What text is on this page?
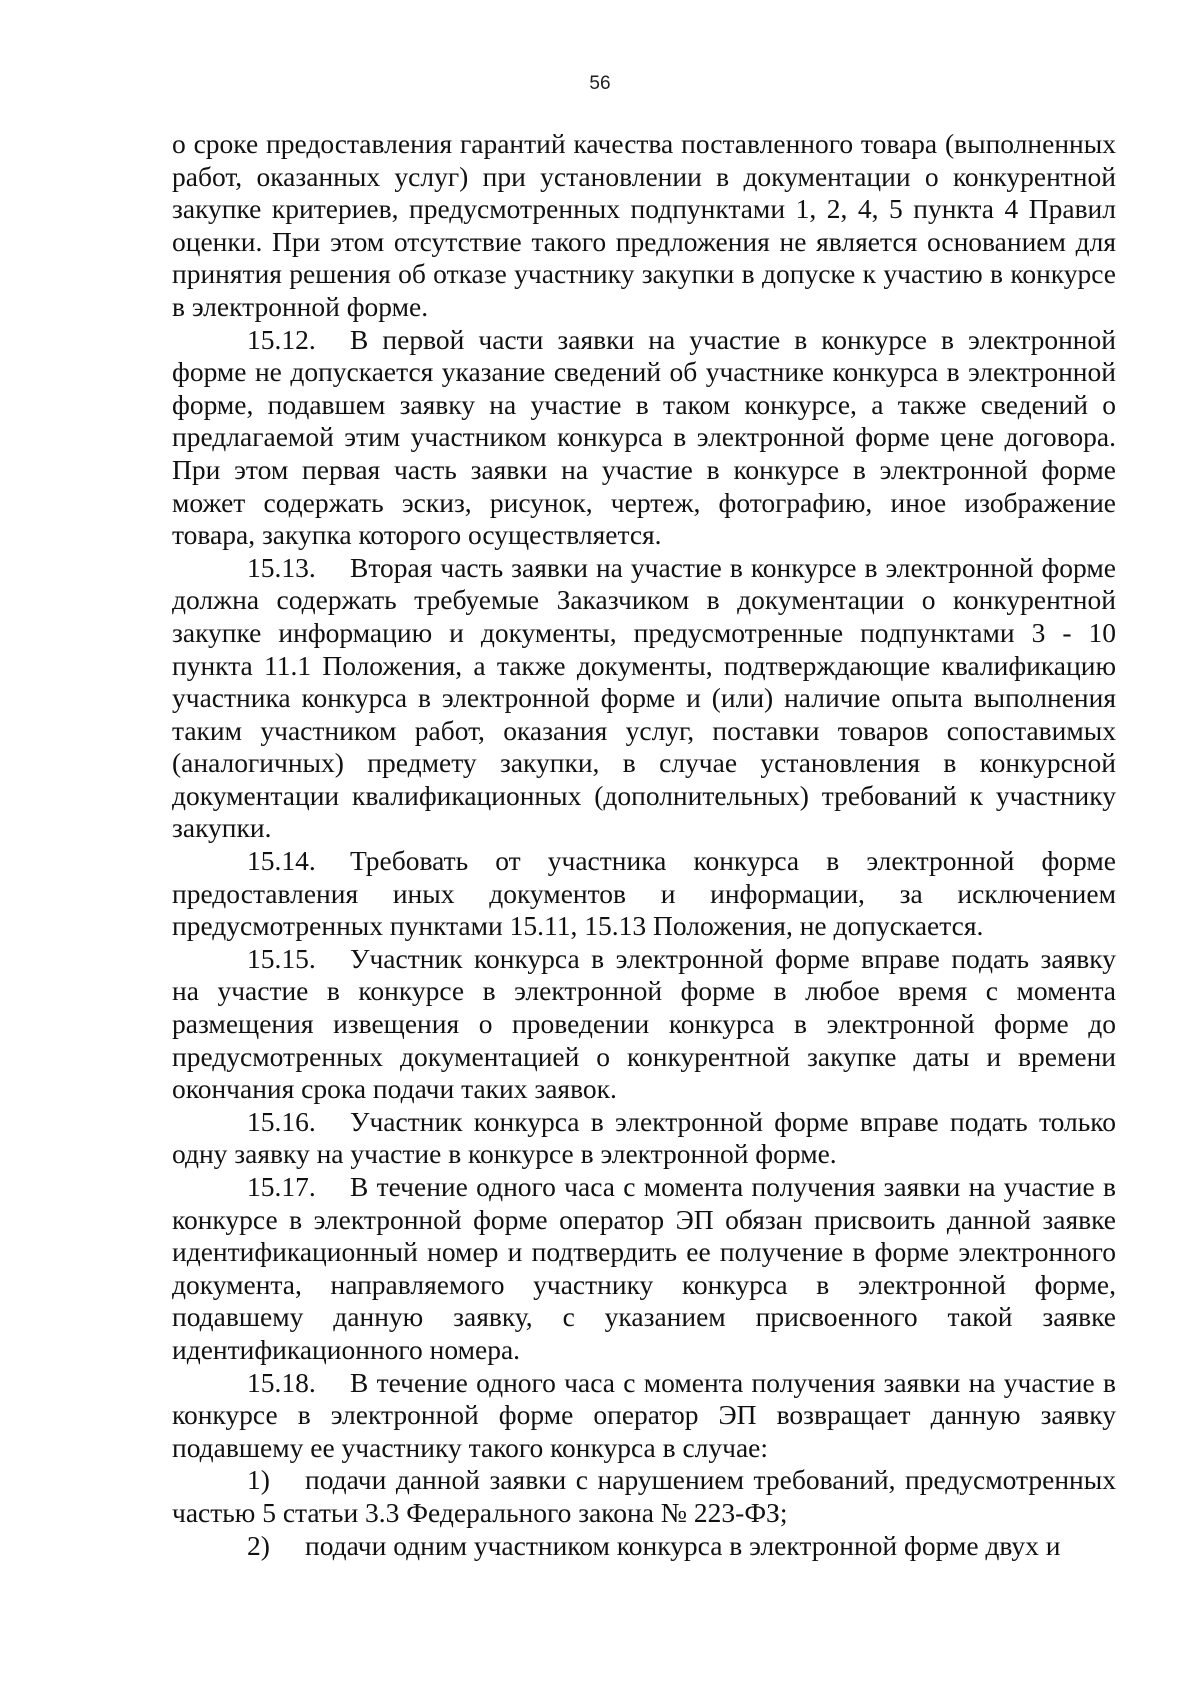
56

о сроке предоставления гарантий качества поставленного товара (выполненных работ, оказанных услуг) при установлении в документации о конкурентной закупке критериев, предусмотренных подпунктами 1, 2, 4, 5 пункта 4 Правил оценки. При этом отсутствие такого предложения не является основанием для принятия решения об отказе участнику закупки в допуске к участию в конкурсе в электронной форме.

15.12. В первой части заявки на участие в конкурсе в электронной форме не допускается указание сведений об участнике конкурса в электронной форме, подавшем заявку на участие в таком конкурсе, а также сведений о предлагаемой этим участником конкурса в электронной форме цене договора. При этом первая часть заявки на участие в конкурсе в электронной форме может содержать эскиз, рисунок, чертеж, фотографию, иное изображение товара, закупка которого осуществляется.

15.13. Вторая часть заявки на участие в конкурсе в электронной форме должна содержать требуемые Заказчиком в документации о конкурентной закупке информацию и документы, предусмотренные подпунктами 3 - 10 пункта 11.1 Положения, а также документы, подтверждающие квалификацию участника конкурса в электронной форме и (или) наличие опыта выполнения таким участником работ, оказания услуг, поставки товаров сопоставимых (аналогичных) предмету закупки, в случае установления в конкурсной документации квалификационных (дополнительных) требований к участнику закупки.

15.14. Требовать от участника конкурса в электронной форме предоставления иных документов и информации, за исключением предусмотренных пунктами 15.11, 15.13 Положения, не допускается.

15.15. Участник конкурса в электронной форме вправе подать заявку на участие в конкурсе в электронной форме в любое время с момента размещения извещения о проведении конкурса в электронной форме до предусмотренных документацией о конкурентной закупке даты и времени окончания срока подачи таких заявок.

15.16. Участник конкурса в электронной форме вправе подать только одну заявку на участие в конкурсе в электронной форме.

15.17. В течение одного часа с момента получения заявки на участие в конкурсе в электронной форме оператор ЭП обязан присвоить данной заявке идентификационный номер и подтвердить ее получение в форме электронного документа, направляемого участнику конкурса в электронной форме, подавшему данную заявку, с указанием присвоенного такой заявке идентификационного номера.

15.18. В течение одного часа с момента получения заявки на участие в конкурсе в электронной форме оператор ЭП возвращает данную заявку подавшему ее участнику такого конкурса в случае:

1) подачи данной заявки с нарушением требований, предусмотренных частью 5 статьи 3.3 Федерального закона № 223-ФЗ;

2) подачи одним участником конкурса в электронной форме двух и
